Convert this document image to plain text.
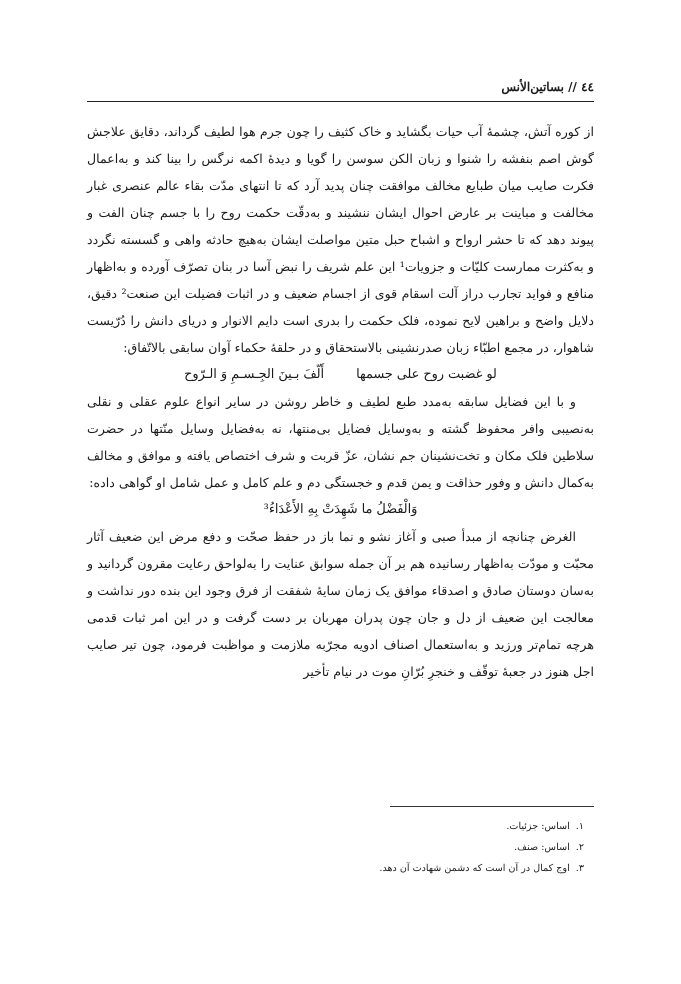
٤٤ // بساتين‌الأنس

از کوره آتش، چشمهٔ آب حیات بگشاید و خاک کثیف را چون جرم هوا لطیف گرداند، دقایق علاجش گوش اصم بنفشه را شنوا و زبان الکن سوسن را گویا و دیدهٔ اکمه نرگس را بینا کند و به‌اعمال فکرت صایب میان طبایع مخالف موافقت چنان پدید آرد که تا انتهای مدّت بقاء عالم عنصری غبار مخالفت و مباینت بر عارض احوال ایشان ننشیند و به‌دقّت حکمت روح را با جسم چنان الفت و پیوند دهد که تا حشر ارواح و اشباح حبل متین مواصلت ایشان به‌هیچ حادثه واهی و گسسته نگردد و به‌کثرت ممارست کلیّات و جزویات¹ این علم شریف را نبض آسا در بنان تصرّف آورده و به‌اظهار منافع و فواید تجارب دراز آلت اسقام قوی از اجسام ضعیف و در اثبات فضیلت این صنعت² دقیق، دلایل واضح و براهین لایح نموده، فلک حکمت را بدری است دایم الانوار و دریای دانش را دُرّیست شاهوار، در مجمع اطبّاء زبان صدرنشینی بالاستحقاق و در حلقهٔ حکماء آوان سابقی بالاتّفاق:

لو غضبت روح علی جسمها أَلّفَ بـینَ الجِـسـمِ وَ الـرّوح

و با این فضایل سابقه به‌مدد طبع لطیف و خاطر روشن در سایر انواع علوم عقلی و نقلی به‌نصیبی وافر محفوظ گشته و به‌وسایل فضایل بی‌منتها، نه به‌فضایل وسایل منّتها در حضرت سلاطین فلک مکان و تخت‌نشینان جم نشان، عزّ قربت و شرف اختصاص یافته و موافق و مخالف به‌کمال دانش و وفور حذاقت و یمن قدم و خجستگی دم و علم کامل و عمل شامل او گواهی داده:

وَالْفَضْلُ ما شَهِدَتْ بِهِ الأَعْدَاءُ³

الغرض چنانچه از مبدأ صبی و آغاز نشو و نما باز در حفظ صحّت و دفع مرض این ضعیف آثار محبّت و مودّت به‌اظهار رسانیده هم بر آن جمله سوابق عنایت را به‌لواحق رعایت مقرون گردانید و به‌سان دوستان صادق و اصدقاء موافق یک زمان سایهٔ شفقت از فرق وجود این بنده دور نداشت و معالجت این ضعیف از دل و جان چون پدران مهربان بر دست گرفت و در این امر ثبات قدمی هرچه تمام‌تر ورزید و به‌استعمال اصناف ادویه مجرّبه ملازمت و مواظبت فرمود، چون تیر صایب اجل هنوز در جعبهٔ توقّف و خنجرِ بُرّانِ موت در نیام تأخیر

١.اساس: جزئیات.
٢.اساس: صنف.
٣.اوج کمال در آن است که دشمن شهادت آن دهد.
